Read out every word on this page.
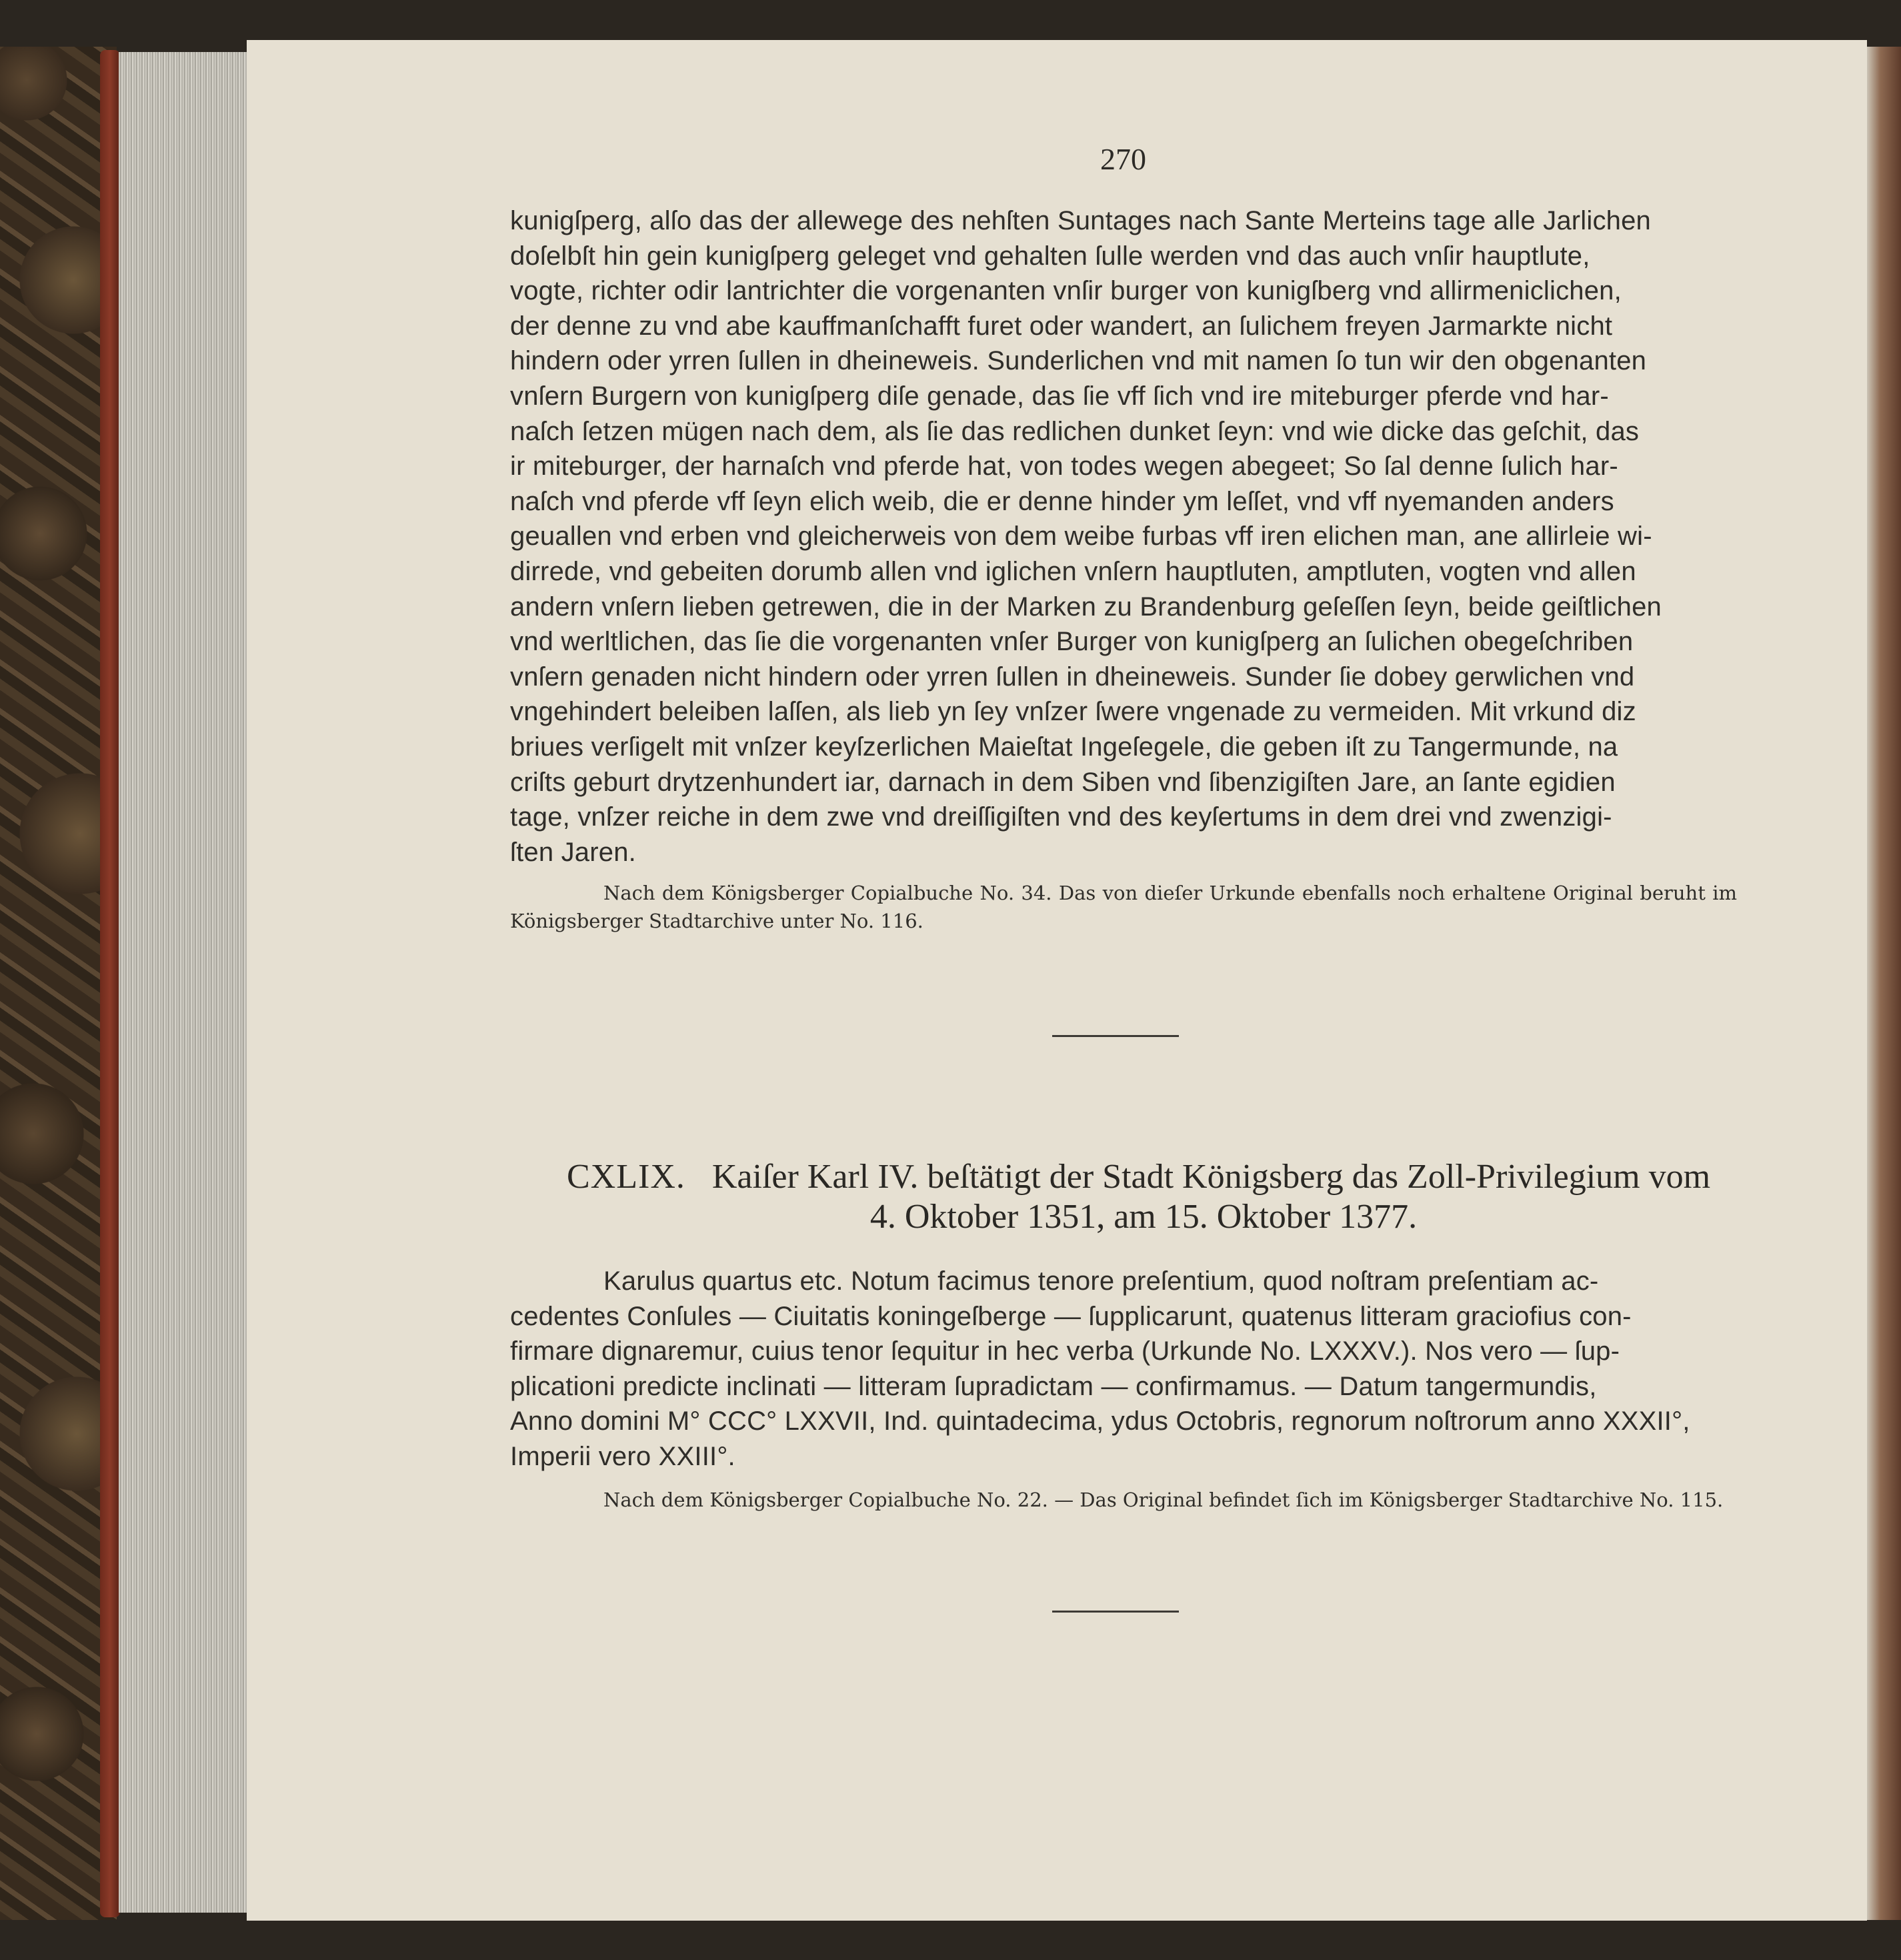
270

kunigſperg, alſo das der allewege des nehſten Suntages nach Sante Merteins tage alle Jarlichen

doſelbſt hin gein kunigſperg geleget vnd gehalten ſulle werden vnd das auch vnſir hauptlute,

vogte, richter odir lantrichter die vorgenanten vnſir burger von kunigſberg vnd allirmeniclichen,

der denne zu vnd abe kauffmanſchafft furet oder wandert, an ſulichem freyen Jarmarkte nicht

hindern oder yrren ſullen in dheineweis. Sunderlichen vnd mit namen ſo tun wir den obgenanten

vnſern Burgern von kunigſperg diſe genade, das ſie vff ſich vnd ire miteburger pferde vnd har-

naſch ſetzen mügen nach dem, als ſie das redlichen dunket ſeyn: vnd wie dicke das geſchit, das

ir miteburger, der harnaſch vnd pferde hat, von todes wegen abegeet; So ſal denne ſulich har-

naſch vnd pferde vff ſeyn elich weib, die er denne hinder ym leſſet, vnd vff nyemanden anders

geuallen vnd erben vnd gleicherweis von dem weibe furbas vff iren elichen man, ane allirleie wi-

dirrede, vnd gebeiten dorumb allen vnd iglichen vnſern hauptluten, amptluten, vogten vnd allen

andern vnſern lieben getrewen, die in der Marken zu Brandenburg geſeſſen ſeyn, beide geiſtlichen

vnd werltlichen, das ſie die vorgenanten vnſer Burger von kunigſperg an ſulichen obegeſchriben

vnſern genaden nicht hindern oder yrren ſullen in dheineweis. Sunder ſie dobey gerwlichen vnd

vngehindert beleiben laſſen, als lieb yn ſey vnſzer ſwere vngenade zu vermeiden. Mit vrkund diz

briues verſigelt mit vnſzer keyſzerlichen Maieſtat Ingeſegele, die geben iſt zu Tangermunde, na

criſts geburt drytzenhundert iar, darnach in dem Siben vnd ſibenzigiſten Jare, an ſante egidien

tage, vnſzer reiche in dem zwe vnd dreiſſigiſten vnd des keyſertums in dem drei vnd zwenzigi-

ſten Jaren.

Nach dem Königsberger Copialbuche No. 34. Das von dieſer Urkunde ebenfalls noch erhaltene Original beruht im Königsberger Stadtarchive unter No. 116.
CXLIX. Kaiſer Karl IV. beſtätigt der Stadt Königsberg das Zoll-Privilegium vom
4. Oktober 1351, am 15. Oktober 1377.

Karulus quartus etc. Notum facimus tenore preſentium, quod noſtram preſentiam ac-

cedentes Conſules — Ciuitatis koningeſberge — ſupplicarunt, quatenus litteram graciofius con-

firmare dignaremur, cuius tenor ſequitur in hec verba (Urkunde No. LXXXV.). Nos vero — ſup-

plicationi predicte inclinati — litteram ſupradictam — confirmamus. — Datum tangermundis,

Anno domini M° CCC° LXXVII, Ind. quintadecima, ydus Octobris, regnorum noſtrorum anno XXXII°,

Imperii vero XXIII°.

Nach dem Königsberger Copialbuche No. 22. — Das Original befindet ſich im Königsberger Stadtarchive No. 115.
